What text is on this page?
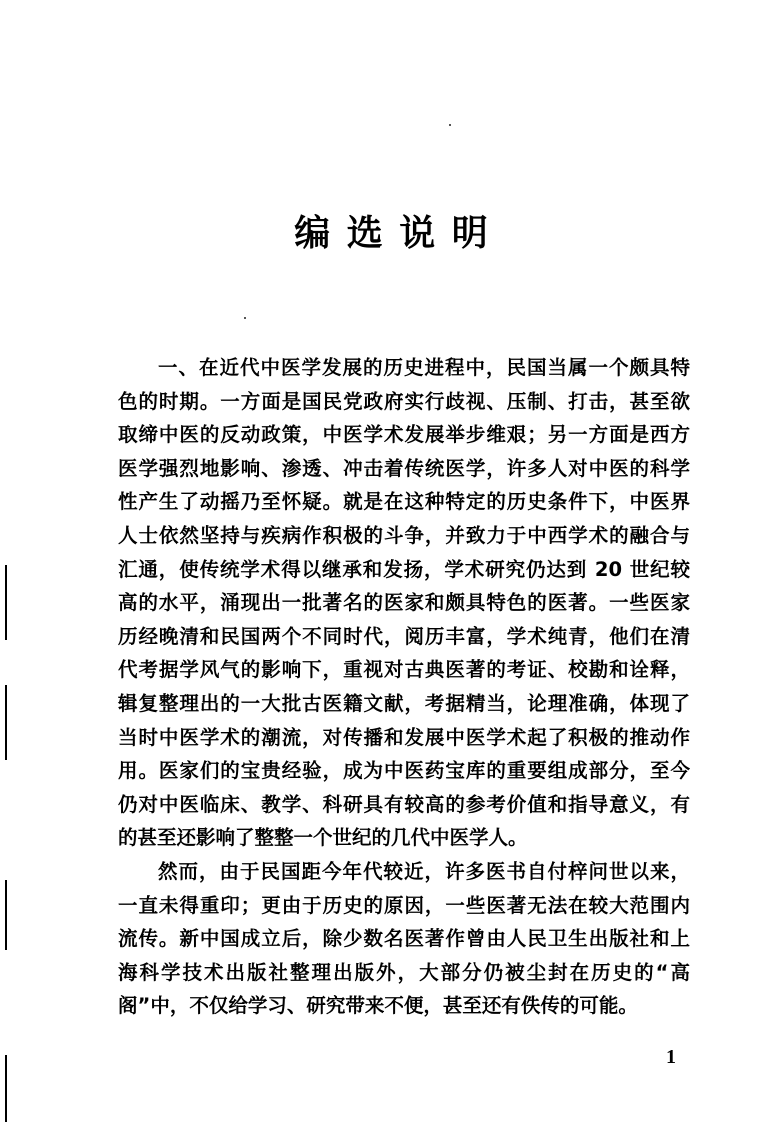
编 选 说 明
一、在近代中医学发展的历史进程中，民国当属一个颇具特
色的时期。一方面是国民党政府实行歧视、压制、打击，甚至欲
取缔中医的反动政策，中医学术发展举步维艰；另一方面是西方
医学强烈地影响、渗透、冲击着传统医学，许多人对中医的科学
性产生了动摇乃至怀疑。就是在这种特定的历史条件下，中医界
人士依然坚持与疾病作积极的斗争，并致力于中西学术的融合与
汇通，使传统学术得以继承和发扬，学术研究仍达到 20 世纪较
高的水平，涌现出一批著名的医家和颇具特色的医著。一些医家
历经晚清和民国两个不同时代，阅历丰富，学术纯青，他们在清
代考据学风气的影响下，重视对古典医著的考证、校勘和诠释，
辑复整理出的一大批古医籍文献，考据精当，论理准确，体现了
当时中医学术的潮流，对传播和发展中医学术起了积极的推动作
用。医家们的宝贵经验，成为中医药宝库的重要组成部分，至今
仍对中医临床、教学、科研具有较高的参考价值和指导意义，有
的甚至还影响了整整一个世纪的几代中医学人。
然而，由于民国距今年代较近，许多医书自付梓问世以来，
一直未得重印；更由于历史的原因，一些医著无法在较大范围内
流传。新中国成立后，除少数名医著作曾由人民卫生出版社和上
海科学技术出版社整理出版外，大部分仍被尘封在历史的“高
阁”中，不仅给学习、研究带来不便，甚至还有佚传的可能。
1
